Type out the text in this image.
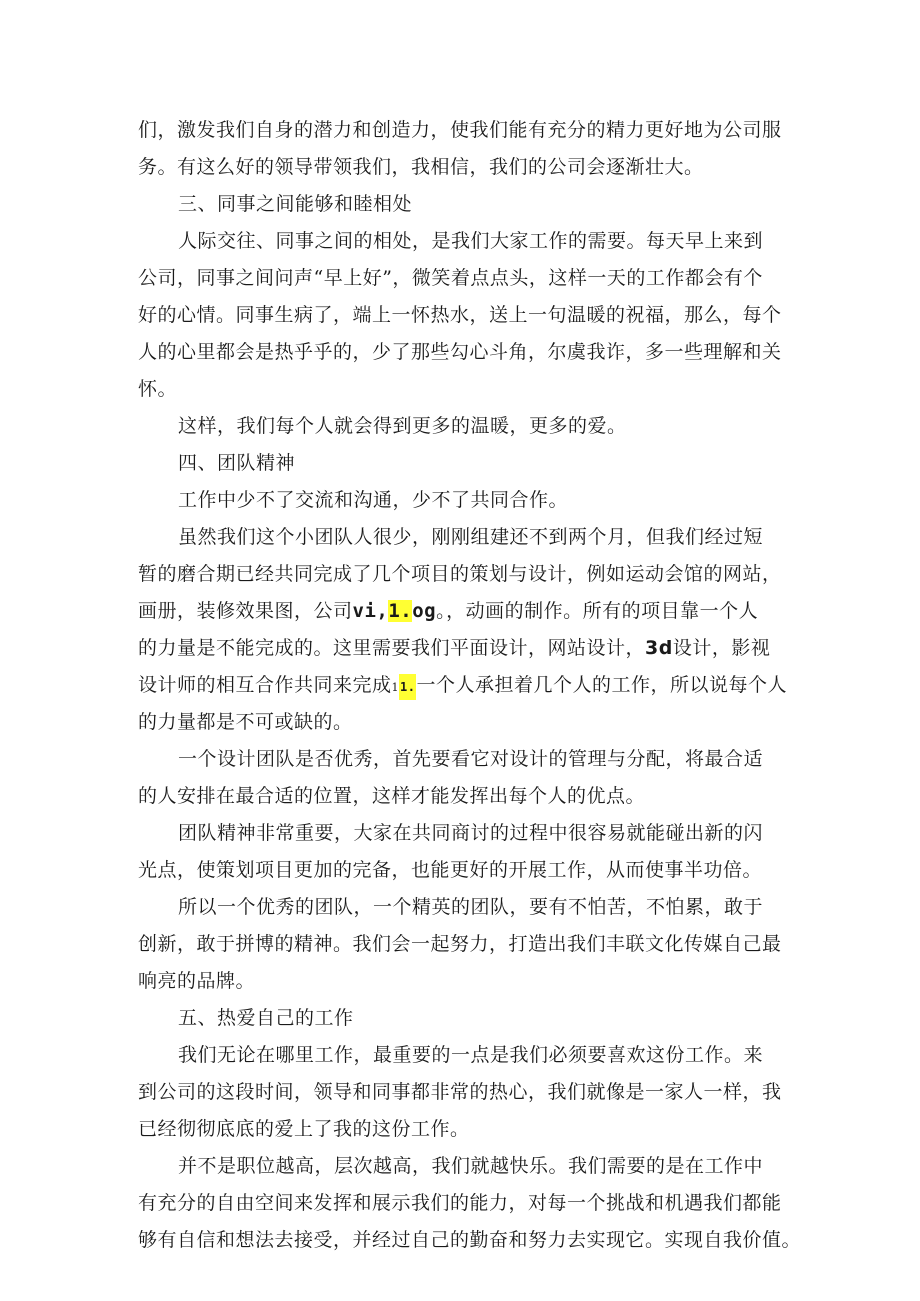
们，激发我们自身的潜力和创造力，使我们能有充分的精力更好地为公司服
务。有这么好的领导带领我们，我相信，我们的公司会逐渐壮大。
三、同事之间能够和睦相处
人际交往、同事之间的相处，是我们大家工作的需要。每天早上来到
公司，同事之间问声“早上好”，微笑着点点头，这样一天的工作都会有个
好的心情。同事生病了，端上一怀热水，送上一句温暖的祝福，那么，每个
人的心里都会是热乎乎的，少了那些勾心斗角，尔虞我诈，多一些理解和关
怀。
这样，我们每个人就会得到更多的温暖，更多的爱。
四、团队精神
工作中少不了交流和沟通，少不了共同合作。
虽然我们这个小团队人很少，刚刚组建还不到两个月，但我们经过短
暂的磨合期已经共同完成了几个项目的策划与设计，例如运动会馆的网站，
画册，装修效果图，公司vi,1.og。，动画的制作。所有的项目靠一个人
的力量是不能完成的。这里需要我们平面设计，网站设计，3d设计，影视
设计师的相互合作共同来完成11.一个人承担着几个人的工作，所以说每个人
的力量都是不可或缺的。
一个设计团队是否优秀，首先要看它对设计的管理与分配，将最合适
的人安排在最合适的位置，这样才能发挥出每个人的优点。
团队精神非常重要，大家在共同商讨的过程中很容易就能碰出新的闪
光点，使策划项目更加的完备，也能更好的开展工作，从而使事半功倍。
所以一个优秀的团队，一个精英的团队，要有不怕苦，不怕累，敢于
创新，敢于拼博的精神。我们会一起努力，打造出我们丰联文化传媒自己最
响亮的品牌。
五、热爱自己的工作
我们无论在哪里工作，最重要的一点是我们必须要喜欢这份工作。来
到公司的这段时间，领导和同事都非常的热心，我们就像是一家人一样，我
已经彻彻底底的爱上了我的这份工作。
并不是职位越高，层次越高，我们就越快乐。我们需要的是在工作中
有充分的自由空间来发挥和展示我们的能力，对每一个挑战和机遇我们都能
够有自信和想法去接受，并经过自己的勤奋和努力去实现它。实现自我价值。
